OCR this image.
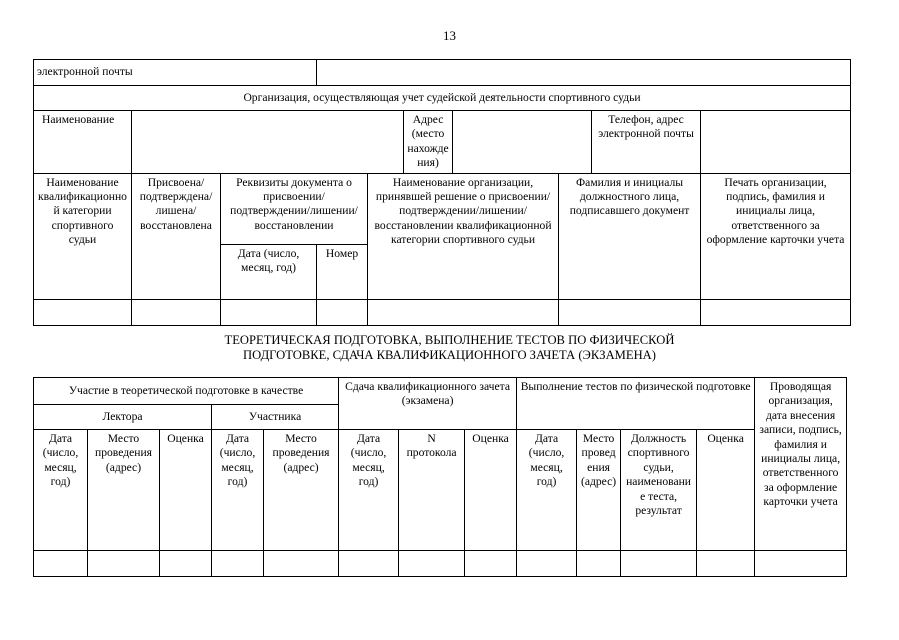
13
электронной почты									
Организация, осуществляющая учет судейской деятельности спортивного судьи									
Наименование					Адрес (место нахождения)			Телефон, адрес электронной почты	
Наименование квалификационной категории спортивного судьи	Присвоена/подтверждена/лишена/восстановлена	Реквизиты документа о присвоении/подтверждении/лишении/восстановлении		Наименование организации, принявшей решение о присвоении/подтверждении/лишении/восстановлении квалификационной категории спортивного судьи			Фамилия и инициалы должностного лица, подписавшего документ		Печать организации, подпись, фамилия и инициалы лица, ответственного за оформление карточки учета
		Дата (число, месяц, год)	Номер						

ТЕОРЕТИЧЕСКАЯ ПОДГОТОВКА, ВЫПОЛНЕНИЕ ТЕСТОВ ПО ФИЗИЧЕСКОЙ
ПОДГОТОВКЕ, СДАЧА КВАЛИФИКАЦИОННОГО ЗАЧЕТА (ЭКЗАМЕНА)
Участие в теоретической подготовке в качестве					Сдача квалификационного зачета (экзамена)			Выполнение тестов по физической подготовке				Проводящая организация, дата внесения записи, подпись, фамилия и инициалы лица, ответственного за оформление карточки учета
Лектора			Участника									
Дата (число, месяц, год)	Место проведения (адрес)	Оценка	Дата (число, месяц, год)	Место проведения (адрес)	Дата (число, месяц, год)	N протокола	Оценка	Дата (число, месяц, год)	Место проведения (адрес)	Должность спортивного судьи, наименование теста, результат	Оценка	
